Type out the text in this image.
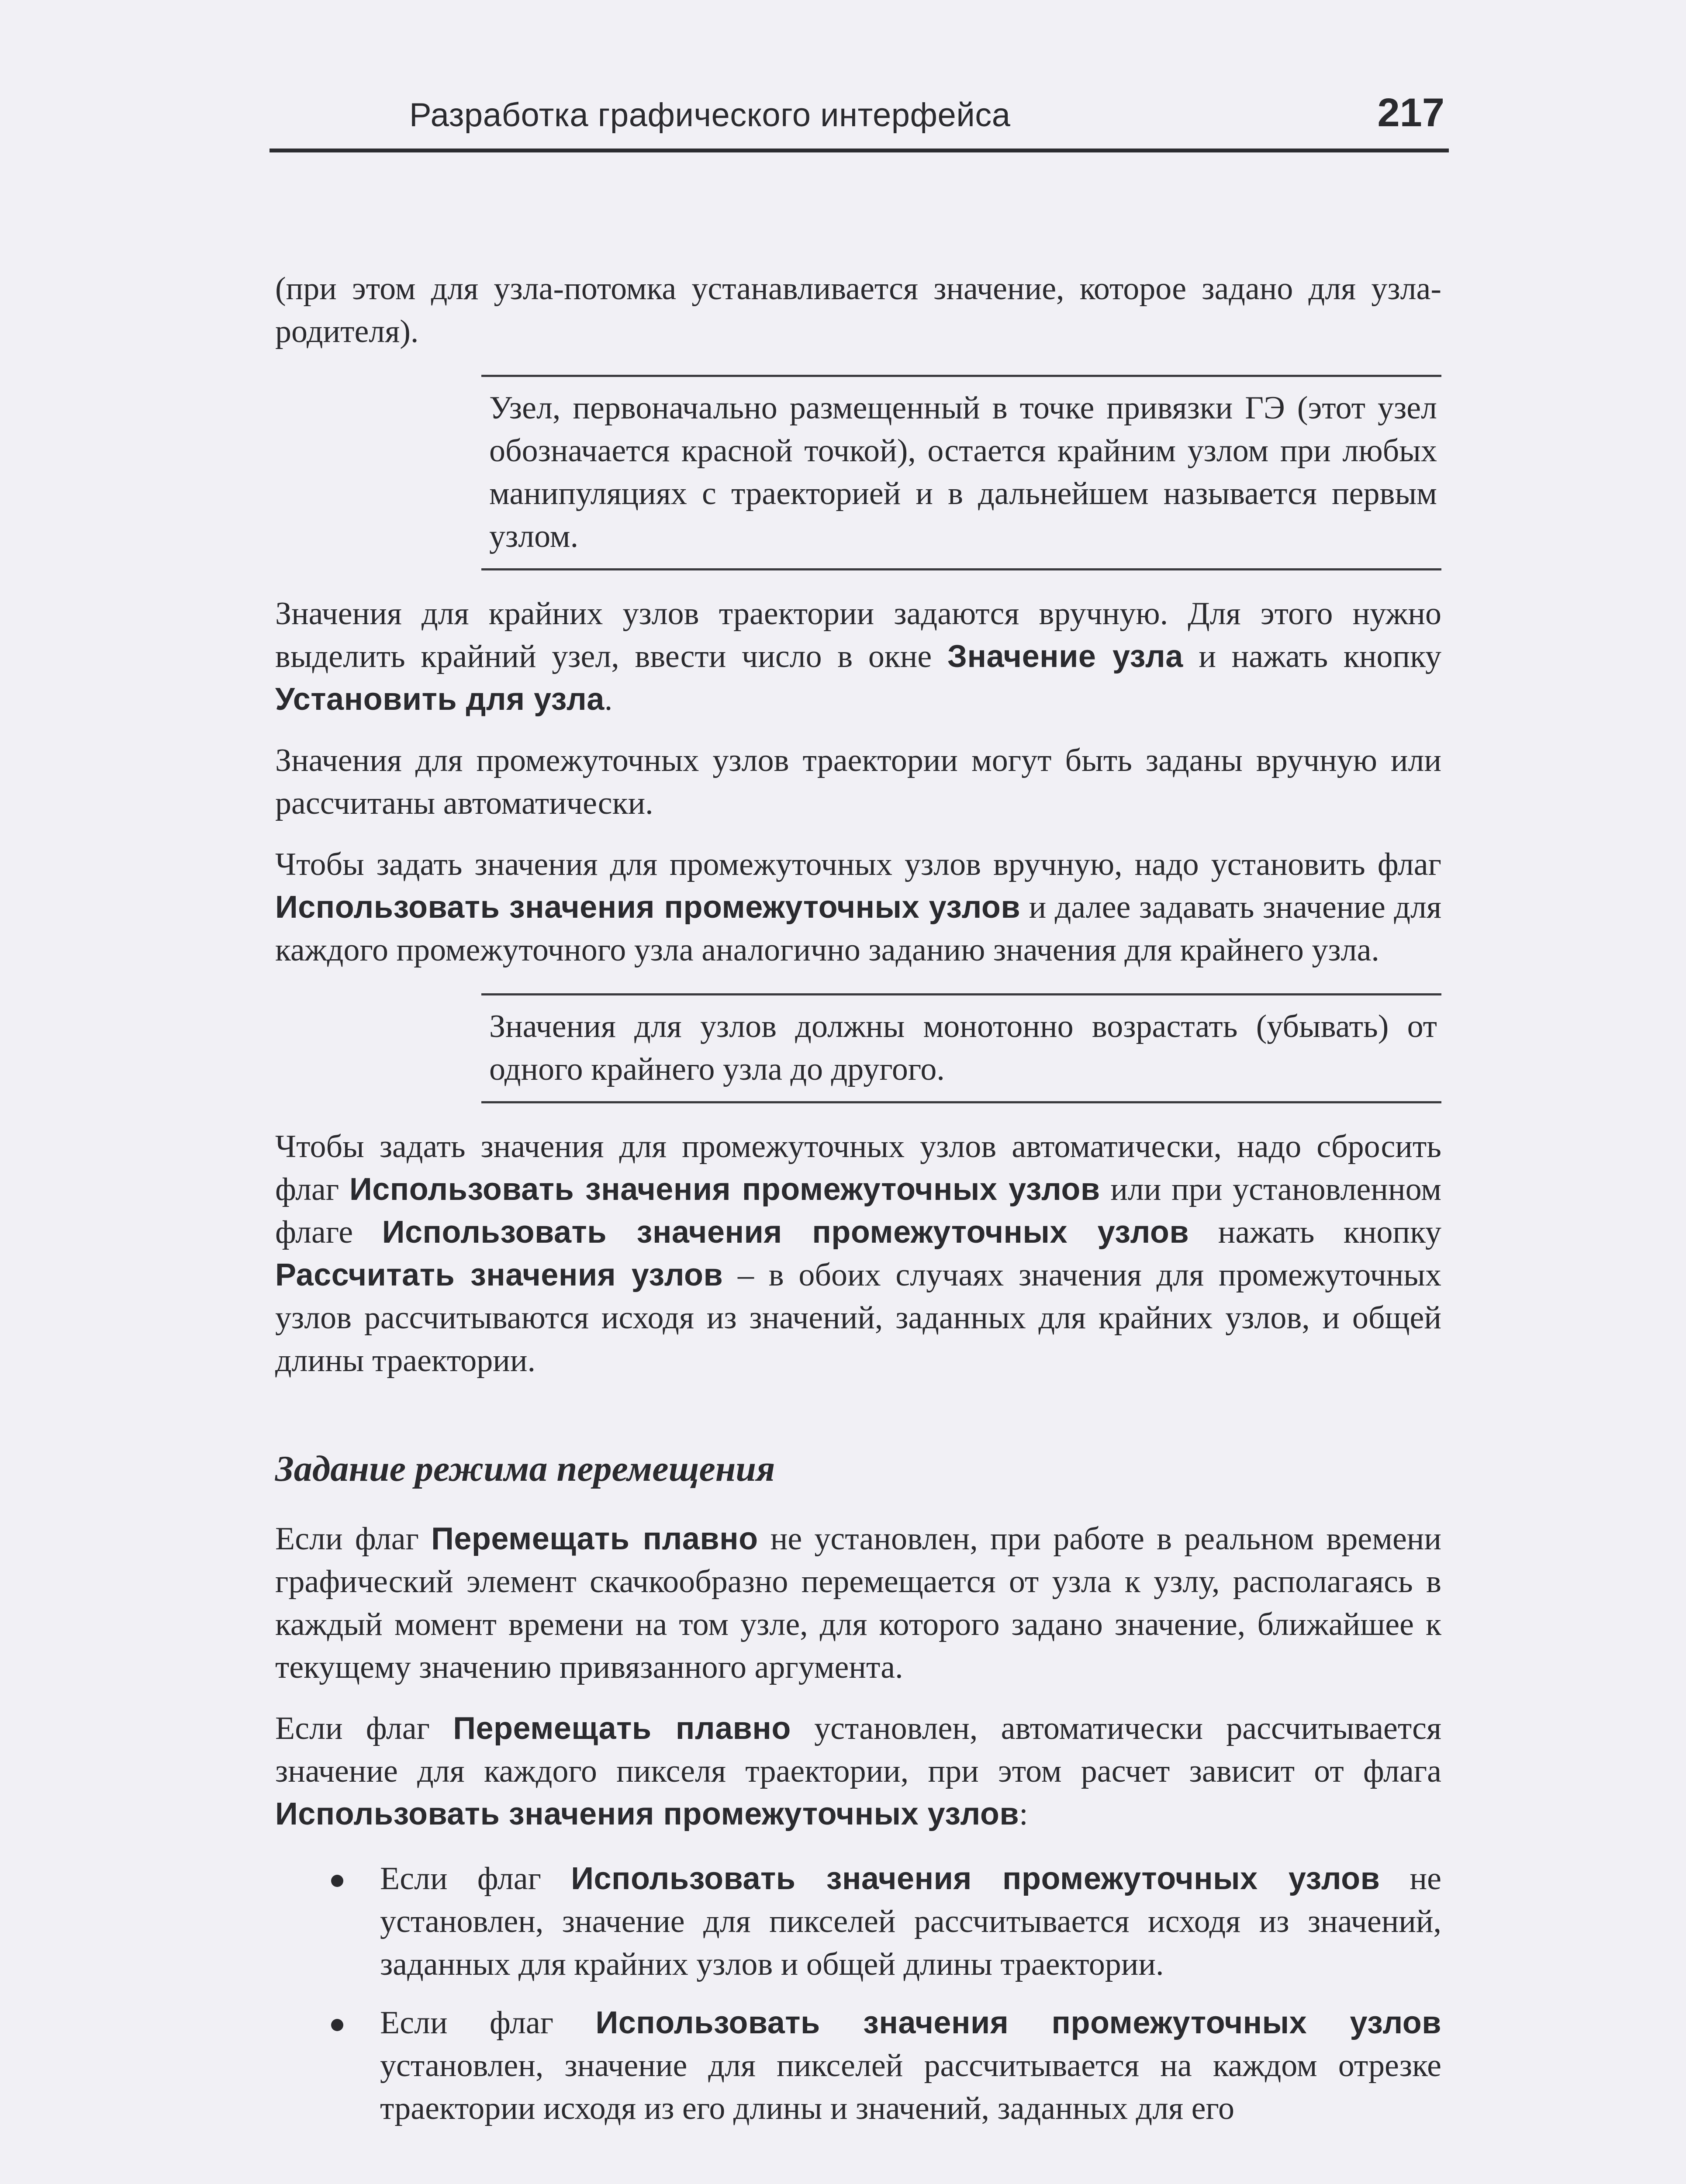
Разработка графического интерфейса	217

(при этом для узла-потомка устанавливается значение, которое задано для узла-родителя).

Узел, первоначально размещенный в точке привязки ГЭ (этот узел обозначается красной точкой), остается крайним узлом при любых манипуляциях с траекторией и в дальнейшем называется первым узлом.

Значения для крайних узлов траектории задаются вручную. Для этого нужно выделить крайний узел, ввести число в окне Значение узла и нажать кнопку Установить для узла.

Значения для промежуточных узлов траектории могут быть заданы вручную или рассчитаны автоматически.

Чтобы задать значения для промежуточных узлов вручную, надо установить флаг Использовать значения промежуточных узлов и далее задавать значение для каждого промежуточного узла аналогично заданию значения для крайнего узла.

Значения для узлов должны монотонно возрастать (убывать) от одного крайнего узла до другого.

Чтобы задать значения для промежуточных узлов автоматически, надо сбросить флаг Использовать значения промежуточных узлов или при установленном флаге Использовать значения промежуточных узлов нажать кнопку Рассчитать значения узлов – в обоих случаях значения для промежуточных узлов рассчитываются исходя из значений, заданных для крайних узлов, и общей длины траектории.

Задание режима перемещения

Если флаг Перемещать плавно не установлен, при работе в реальном времени графический элемент скачкообразно перемещается от узла к узлу, располагаясь в каждый момент времени на том узле, для которого задано значение, ближайшее к текущему значению привязанного аргумента.

Если флаг Перемещать плавно установлен, автоматически рассчитывается значение для каждого пикселя траектории, при этом расчет зависит от флага Использовать значения промежуточных узлов:

Если флаг Использовать значения промежуточных узлов не установлен, значение для пикселей рассчитывается исходя из значений, заданных для крайних узлов и общей длины траектории.
Если флаг Использовать значения промежуточных узлов установлен, значение для пикселей рассчитывается на каждом отрезке траектории исходя из его длины и значений, заданных для его
